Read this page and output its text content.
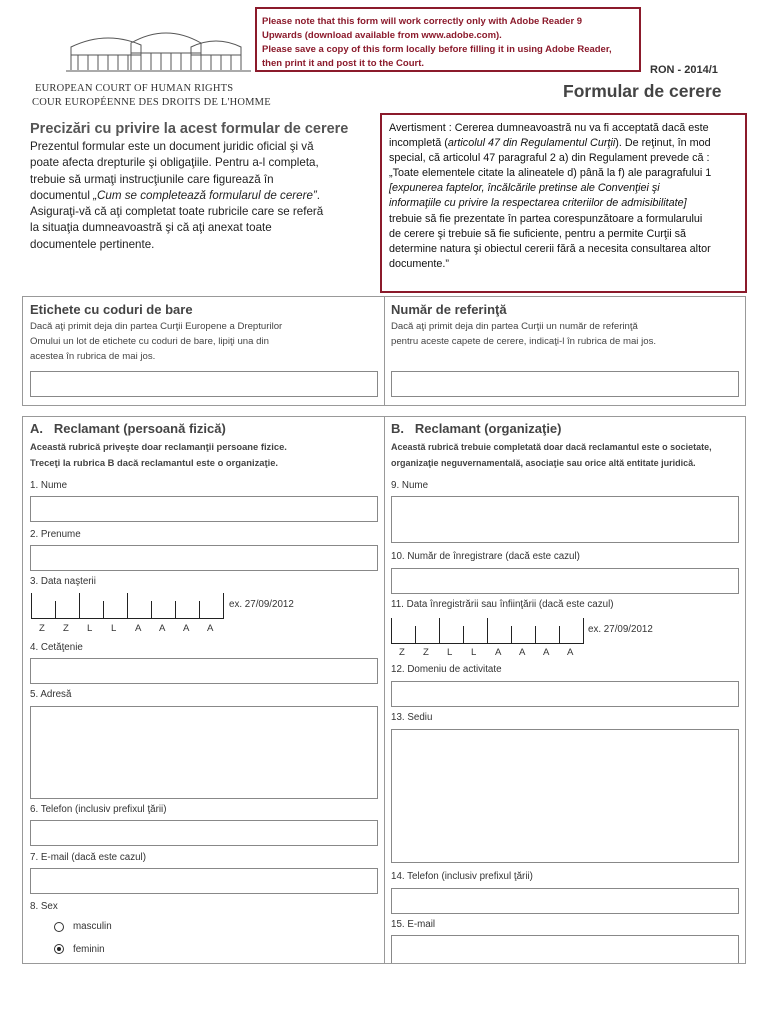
EUROPEAN COURT OF HUMAN RIGHTS
COUR EUROPÉENNE DES DROITS DE L'HOMME
Please note that this form will work correctly only with Adobe Reader 9
Upwards (download available from www.adobe.com).
Please save a copy of this form locally before filling it in using Adobe Reader,
then print it and post it to the Court.
RON - 2014/1
Formular de cerere
Precizări cu privire la acest formular de cerere
Prezentul formular este un document juridic oficial şi vă
poate afecta drepturile şi obligaţiile. Pentru a-l completa,
trebuie să urmaţi instrucţiunile care figurează în
documentul „Cum se completează formularul de cerere”.
Asiguraţi-vă că aţi completat toate rubricile care se referă
la situaţia dumneavoastră şi că aţi anexat toate
documentele pertinente.
Avertisment : Cererea dumneavoastră nu va fi acceptată dacă este
incompletă (articolul 47 din Regulamentul Curţii). De reţinut, în mod
special, că articolul 47 paragraful 2 a) din Regulament prevede că :
„Toate elementele citate la alineatele d) până la f) ale paragrafului 1
[expunerea faptelor, încălcările pretinse ale Convenţiei şi
informaţiile cu privire la respectarea criteriilor de admisibilitate]
trebuie să fie prezentate în partea corespunzătoare a formularului
de cerere şi trebuie să fie suficiente, pentru a permite Curţii să
determine natura şi obiectul cererii fără a necesita consultarea altor
documente.”
Etichete cu coduri de bare
Dacă aţi primit deja din partea Curţii Europene a Drepturilor
Omului un lot de etichete cu coduri de bare, lipiţi una din
acestea în rubrica de mai jos.
Număr de referinţă
Dacă aţi primit deja din partea Curţii un număr de referinţă
pentru aceste capete de cerere, indicaţi-l în rubrica de mai jos.
A. Reclamant (persoană fizică)
Această rubrică priveşte doar reclamanţii persoane fizice.
Treceţi la rubrica B dacă reclamantul este o organizaţie.
1. Nume
2. Prenume
3. Data naşterii
ex. 27/09/2012
Z Z L L A A A A
4. Cetăţenie
5. Adresă
6. Telefon (inclusiv prefixul ţării)
7. E-mail (dacă este cazul)
8. Sex
masculin
feminin
B. Reclamant (organizaţie)
Această rubrică trebuie completată doar dacă reclamantul este o societate,
organizaţie neguvernamentală, asociaţie sau orice altă entitate juridică.
9. Nume
10. Număr de înregistrare (dacă este cazul)
11. Data înregistrării sau înfiinţării (dacă este cazul)
ex. 27/09/2012
Z Z L L A A A A
12. Domeniu de activitate
13. Sediu
14. Telefon (inclusiv prefixul ţării)
15. E-mail
